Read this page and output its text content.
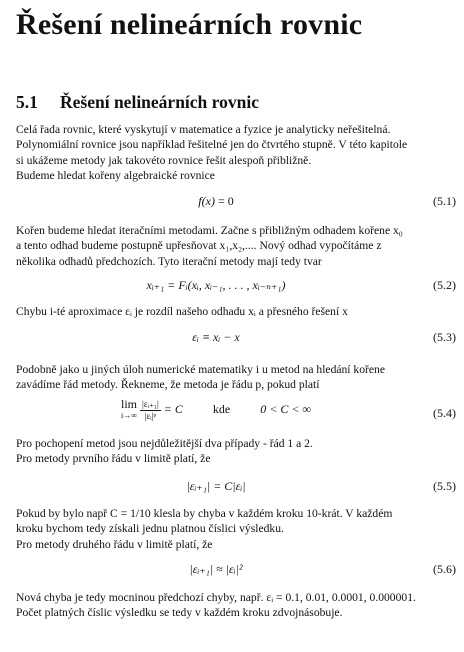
Řešení nelineárních rovnic
5.1 Řešení nelineárních rovnic
Celá řada rovnic, které vyskytují v matematice a fyzice je analyticky neřešitelná.
Polynomiální rovnice jsou například řešitelné jen do čtvrtého stupně. V této kapitole
si ukážeme metody jak takovéto rovnice řešit alespoň přibližně.
Budeme hledat kořeny algebraické rovnice
f(x) = 0	(5.1)
Kořen budeme hledat iteračními metodami. Začne s přibližným odhadem kořene x₀
a tento odhad budeme postupně upřesňovat x₁,x₂,.... Nový odhad vypočítáme z
několika odhadů předchozích. Tyto iterační metody mají tedy tvar
xᵢ₊₁ = Fᵢ(xᵢ, xᵢ₋₁, . . . , xᵢ₋ₙ₊₁)	(5.2)
Chybu i-té aproximace εᵢ je rozdíl našeho odhadu xᵢ a přesného řešení x
εᵢ ≡ xᵢ − x	(5.3)
Podobně jako u jiných úloh numerické matematiky i u metod na hledání kořene
zavádíme řád metody. Řekneme, že metoda je řádu p, pokud platí
lim
i→∞
$\frac{\text{|εᵢ₊₁|}}{\text{|εᵢ|ᵖ}} = C$	kde	0 < C < ∞	(5.4)
Pro pochopení metod jsou nejdůležitější dva případy - řád 1 a 2.
Pro metody prvního řádu v limitě platí, že
|εᵢ₊₁| = C|εᵢ|	(5.5)
Pokud by bylo např C = 1/10 klesla by chyba v každém kroku 10-krát. V každém
kroku bychom tedy získali jednu platnou číslici výsledku.
Pro metody druhého řádu v limitě platí, že
|εᵢ₊₁| ≈ |εᵢ|²	(5.6)
Nová chyba je tedy mocninou předchozí chyby, např. εᵢ = 0.1, 0.01, 0.0001, 0.000001.
Počet platných číslic výsledku se tedy v každém kroku zdvojnásobuje.
